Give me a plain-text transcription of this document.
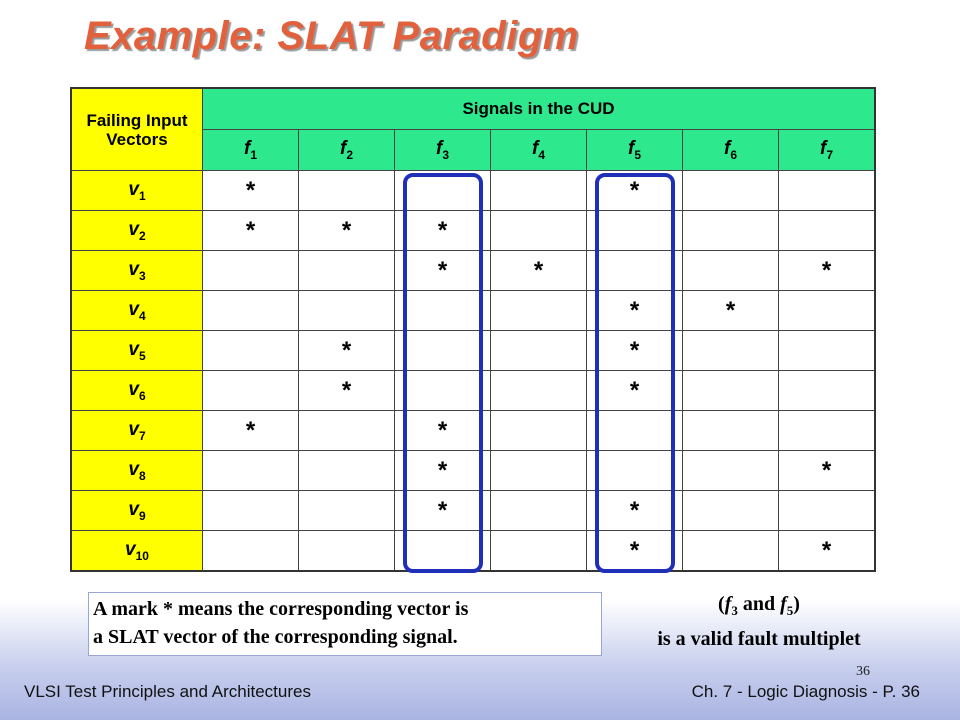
Example: SLAT Paradigm
Failing Input Vectors	Signals in the CUD						
	$f_1$	$f_2$	$f_3$	$f_4$	$f_5$	$f_6$	$f_7$
$v_1$	*				*		
$v_2$	*	*	*				
$v_3$			*	*			*
$v_4$					*	*	
$v_5$		*			*		
$v_6$		*			*		
$v_7$	*		*				
$v_8$			*				*
$v_9$			*		*		
$v_{10}$					*		*
A mark * means the corresponding vector is
a SLAT vector of the corresponding signal.
($f_3$ and $f_5$)
is a valid fault multiplet
36
VLSI Test Principles and Architectures	Ch. 7 - Logic Diagnosis - P. 36
